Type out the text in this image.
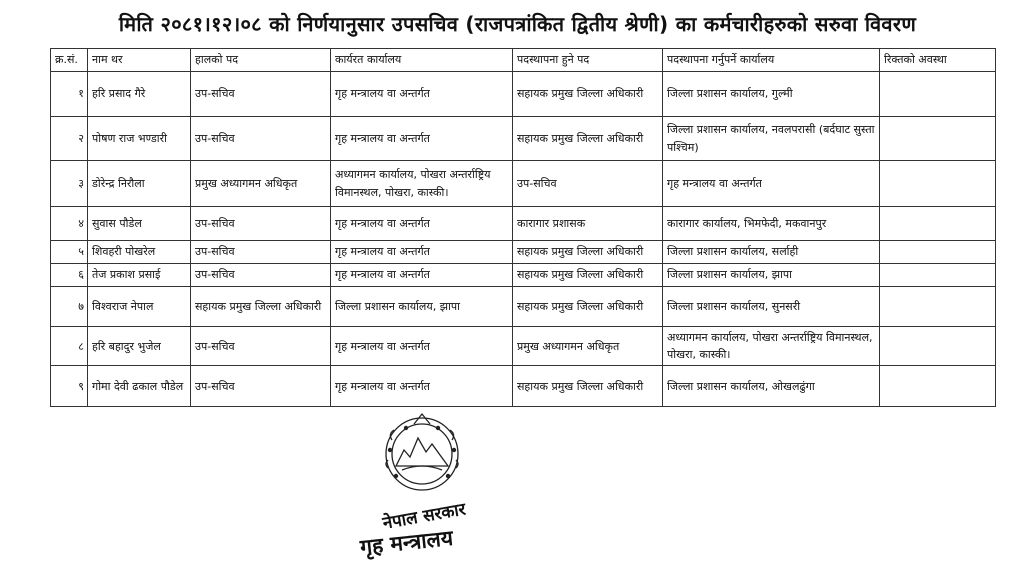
मिति २०८१।१२।०८ को निर्णयानुसार उपसचिव (राजपत्रांकित द्वितीय श्रेणी) का कर्मचारीहरुको सरुवा विवरण
क्र.सं.	नाम थर	हालको पद	कार्यरत कार्यालय	पदस्थापना हुने पद	पदस्थापना गर्नुपर्ने कार्यालय	रिक्तको अवस्था
१	हरि प्रसाद गैरे	उप-सचिव	गृह मन्त्रालय वा अन्तर्गत	सहायक प्रमुख जिल्ला अधिकारी	जिल्ला प्रशासन कार्यालय, गुल्मी	
२	पोषण राज भण्डारी	उप-सचिव	गृह मन्त्रालय वा अन्तर्गत	सहायक प्रमुख जिल्ला अधिकारी	जिल्ला प्रशासन कार्यालय, नवलपरासी (बर्दघाट सुस्ता पश्चिम)	
३	डोरेन्द्र निरौला	प्रमुख अध्यागमन अधिकृत	अध्यागमन कार्यालय, पोखरा अन्तर्राष्ट्रिय विमानस्थल, पोखरा, कास्की।	उप-सचिव	गृह मन्त्रालय वा अन्तर्गत	
४	सुवास पौडेल	उप-सचिव	गृह मन्त्रालय वा अन्तर्गत	कारागार प्रशासक	कारागार कार्यालय, भिमफेदी, मकवानपुर	
५	शिवहरी पोखरेल	उप-सचिव	गृह मन्त्रालय वा अन्तर्गत	सहायक प्रमुख जिल्ला अधिकारी	जिल्ला प्रशासन कार्यालय, सर्लाही	
६	तेज प्रकाश प्रसाई	उप-सचिव	गृह मन्त्रालय वा अन्तर्गत	सहायक प्रमुख जिल्ला अधिकारी	जिल्ला प्रशासन कार्यालय, झापा	
७	विश्वराज नेपाल	सहायक प्रमुख जिल्ला अधिकारी	जिल्ला प्रशासन कार्यालय, झापा	सहायक प्रमुख जिल्ला अधिकारी	जिल्ला प्रशासन कार्यालय, सुनसरी	
८	हरि बहादुर भुजेल	उप-सचिव	गृह मन्त्रालय वा अन्तर्गत	प्रमुख अध्यागमन अधिकृत	अध्यागमन कार्यालय, पोखरा अन्तर्राष्ट्रिय विमानस्थल, पोखरा, कास्की।	
९	गोमा देवी ढकाल पौडेल	उप-सचिव	गृह मन्त्रालय वा अन्तर्गत	सहायक प्रमुख जिल्ला अधिकारी	जिल्ला प्रशासन कार्यालय, ओखलढुंगा	
नेपाल सरकार
गृह मन्त्रालय
